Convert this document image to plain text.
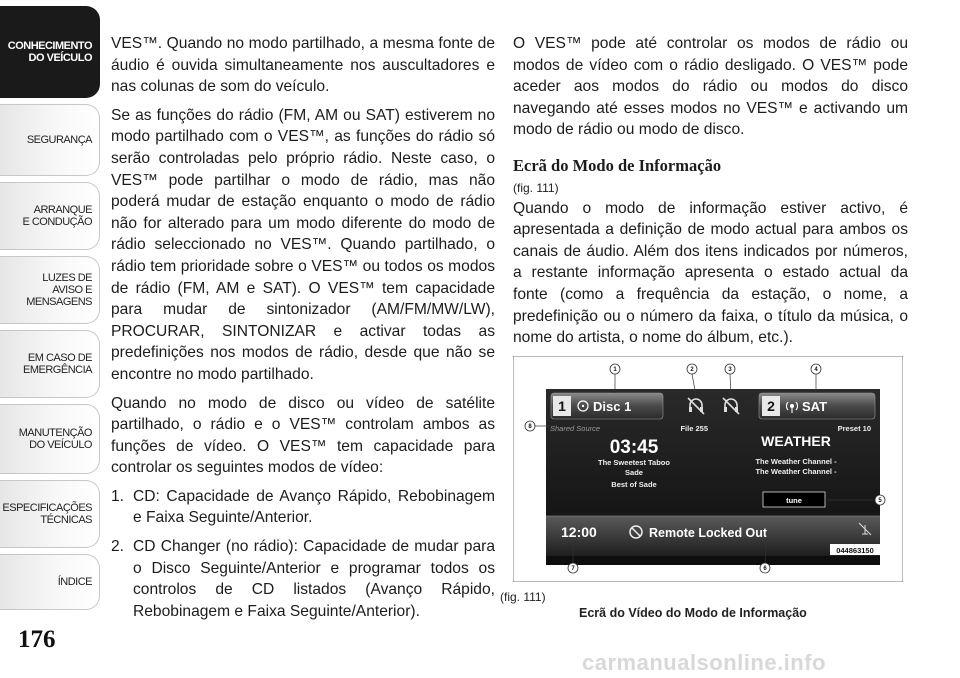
CONHECIMENTO
DO VEÍCULO
SEGURANÇA
ARRANQUE
E CONDUÇÃO
LUZES DE
AVISO E
MENSAGENS
EM CASO DE
EMERGÊNCIA
MANUTENÇÃO
DO VEÍCULO
ESPECIFICAÇÕES
TÉCNICAS
ÍNDICE
176

VES™. Quando no modo partilhado, a mesma fonte de áudio é ouvida simultaneamente nos auscultadores e nas colunas de som do veículo.

Se as funções do rádio (FM, AM ou SAT) estiverem no modo partilhado com o VES™, as funções do rádio só serão controladas pelo próprio rádio. Neste caso, o VES™ pode partilhar o modo de rádio, mas não poderá mudar de estação enquanto o modo de rádio não for alterado para um modo diferente do modo de rádio seleccionado no VES™. Quando partilhado, o rádio tem prioridade sobre o VES™ ou todos os modos de rádio (FM, AM e SAT). O VES™ tem capacidade para mudar de sintonizador (AM/FM/MW/LW), PROCURAR, SINTONIZAR e activar todas as predefinições nos modos de rádio, desde que não se encontre no modo partilhado.

Quando no modo de disco ou vídeo de satélite partilhado, o rádio e o VES™ controlam ambos as funções de vídeo. O VES™ tem capacidade para controlar os seguintes modos de vídeo:

1. CD: Capacidade de Avanço Rápido, Rebobinagem e Faixa Seguinte/Anterior.
2. CD Changer (no rádio): Capacidade de mudar para o Disco Seguinte/Anterior e programar todos os controlos de CD listados (Avanço Rápido, Rebobinagem e Faixa Seguinte/Anterior).

O VES™ pode até controlar os modos de rádio ou modos de vídeo com o rádio desligado. O VES™ pode aceder aos modos do rádio ou modos do disco navegando até esses modos no VES™ e activando um modo de rádio ou modo de disco.

Ecrã do Modo de Informação
(fig. 111)

Quando o modo de informação estiver activo, é apresentada a definição de modo actual para ambos os canais de áudio. Além dos itens indicados por números, a restante informação apresenta o estado actual da fonte (como a frequência da estação, o nome, a predefinição ou o número da faixa, o título da música, o nome do artista, o nome do álbum, etc.).

1 Disc 1	2 SAT
Shared Source	File 255
03:45
The Sweetest Taboo
Sade
Best of Sade
Preset 10
WEATHER
The Weather Channel -
The Weather Channel -
tune
12:00	Remote Locked Out
044863150
1	2	3	4
5
6
7
8
(fig. 111)
Ecrã do Vídeo do Modo de Informação
carmanualsonline.info
